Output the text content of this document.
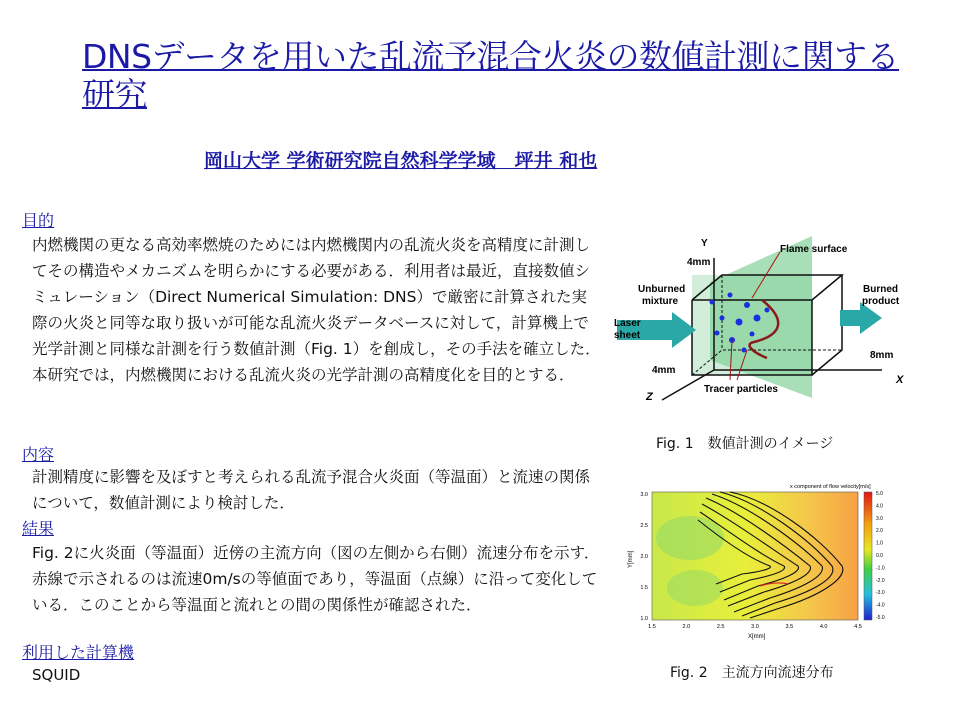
DNSデータを用いた乱流予混合火炎の数値計測に関する研究
岡山大学 学術研究院自然科学学域　坪井 和也
目的
内燃機関の更なる高効率燃焼のためには内燃機関内の乱流火炎を高精度に計測してその構造やメカニズムを明らかにする必要がある．利用者は最近，直接数値シミュレーション（Direct Numerical Simulation: DNS）で厳密に計算された実際の火炎と同等な取り扱いが可能な乱流火炎データベースに対して，計算機上で光学計測と同様な計測を行う数値計測（Fig. 1）を創成し，その手法を確立した．本研究では，内燃機関における乱流火炎の光学計測の高精度化を目的とする．
内容
計測精度に影響を及ぼすと考えられる乱流予混合火炎面（等温面）と流速の関係について，数値計測により検討した．
結果
Fig. 2に火炎面（等温面）近傍の主流方向（図の左側から右側）流速分布を示す．赤線で示されるのは流速0m/sの等値面であり，等温面（点線）に沿って変化している．このことから等温面と流れとの間の関係性が確認された．
利用した計算機
SQUID
Y
4mm
Flame surface
Unburned
mixture
Burned
product
Laser
sheet
4mm
8mm
X
Z
Tracer particles
Fig. 1　数値計測のイメージ
x component of flow velocity[m/s]
5.0
4.0
3.0
2.0
1.0
0.0
-1.0
-2.0
-3.0
-4.0
-5.0
1.5	2.0	2.5	3.0	3.5	4.0	4.5
3.0
2.5
2.0
1.5
1.0
X[mm]
Y[mm]
Fig. 2　主流方向流速分布
